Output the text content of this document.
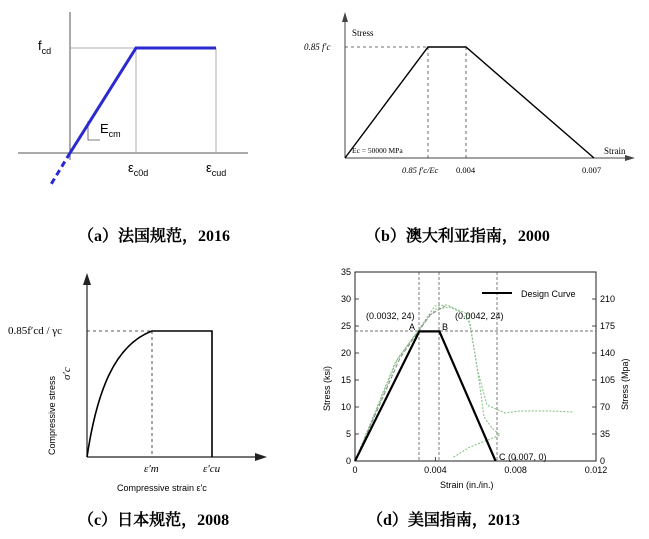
$f_{cd}$
$E_{cm}$
$\varepsilon_{c0d}$	$\varepsilon_{cud}$
（a）法国规范，2016
Stress
Strain
0.85 f′c
Ec = 50000 MPa
0.85 f′c/Ec 0.004	0.007
（b）澳大利亚指南，2000
0.85f′cd / γc
Compressive stress
σ′c
ε′m	ε′cu
Compressive strain ε′c
（c）日本规范，2008
0
5
10
15
20
25
30
35
0
35
70
105
140
175
210
0	0.004	0.008	0.012
Design Curve
(0.0032, 24)	(0.0042, 24)
A	B
C (0.007, 0)
Stress (ksi)	Stress (Mpa)
Strain (in./in.)
（d）美国指南，2013
